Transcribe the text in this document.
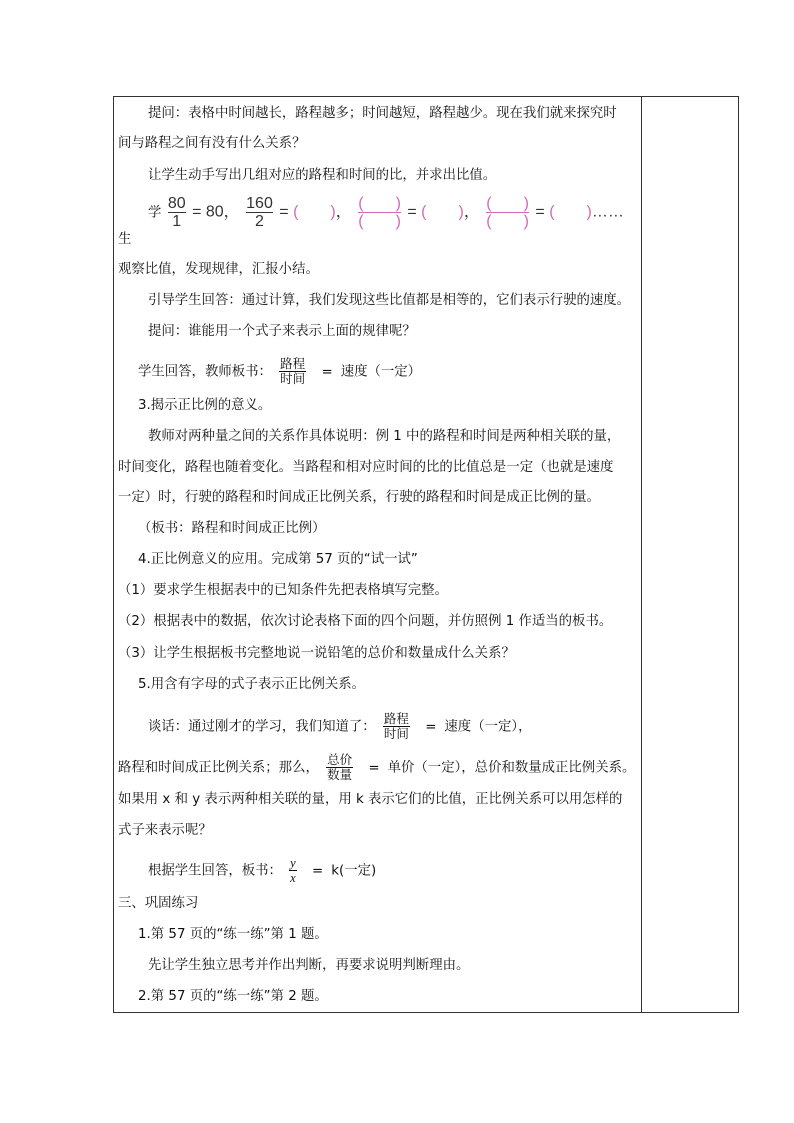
提问：表格中时间越长，路程越多；时间越短，路程越少。现在我们就来探究时
间与路程之间有没有什么关系？
让学生动手写出几组对应的路程和时间的比，并求出比值。
学 $\frac{80}{1} = 80$， $\frac{160}{2}$ = (　　)， $\frac{( )}{( )}$ = (　　)， $\frac{( )}{( )}$ = (　　)……
生
观察比值，发现规律，汇报小结。
引导学生回答：通过计算，我们发现这些比值都是相等的，它们表示行驶的速度。
提问：谁能用一个式子来表示上面的规律呢？
学生回答，教师板书： $\frac{\text{路程}}{\text{时间}}$ = 速度（一定）
3.揭示正比例的意义。
教师对两种量之间的关系作具体说明：例 1 中的路程和时间是两种相关联的量，
时间变化，路程也随着变化。当路程和相对应时间的比的比值总是一定（也就是速度
一定）时，行驶的路程和时间成正比例关系，行驶的路程和时间是成正比例的量。
（板书：路程和时间成正比例）
4.正比例意义的应用。完成第 57 页的“试一试”
（1）要求学生根据表中的已知条件先把表格填写完整。
（2）根据表中的数据，依次讨论表格下面的四个问题，并仿照例 1 作适当的板书。
（3）让学生根据板书完整地说一说铅笔的总价和数量成什么关系？
5.用含有字母的式子表示正比例关系。
谈话：通过刚才的学习，我们知道了： $\frac{\text{路程}}{\text{时间}}$ = 速度（一定），
路程和时间成正比例关系；那么， $\frac{\text{总价}}{\text{数量}}$ = 单价（一定），总价和数量成正比例关系。
如果用 x 和 y 表示两种相关联的量，用 k 表示它们的比值，正比例关系可以用怎样的
式子来表示呢？
根据学生回答，板书： $\frac{y}{x} = k$(一定)
三、巩固练习
1.第 57 页的“练一练”第 1 题。
先让学生独立思考并作出判断，再要求说明判断理由。
2.第 57 页的“练一练”第 2 题。
